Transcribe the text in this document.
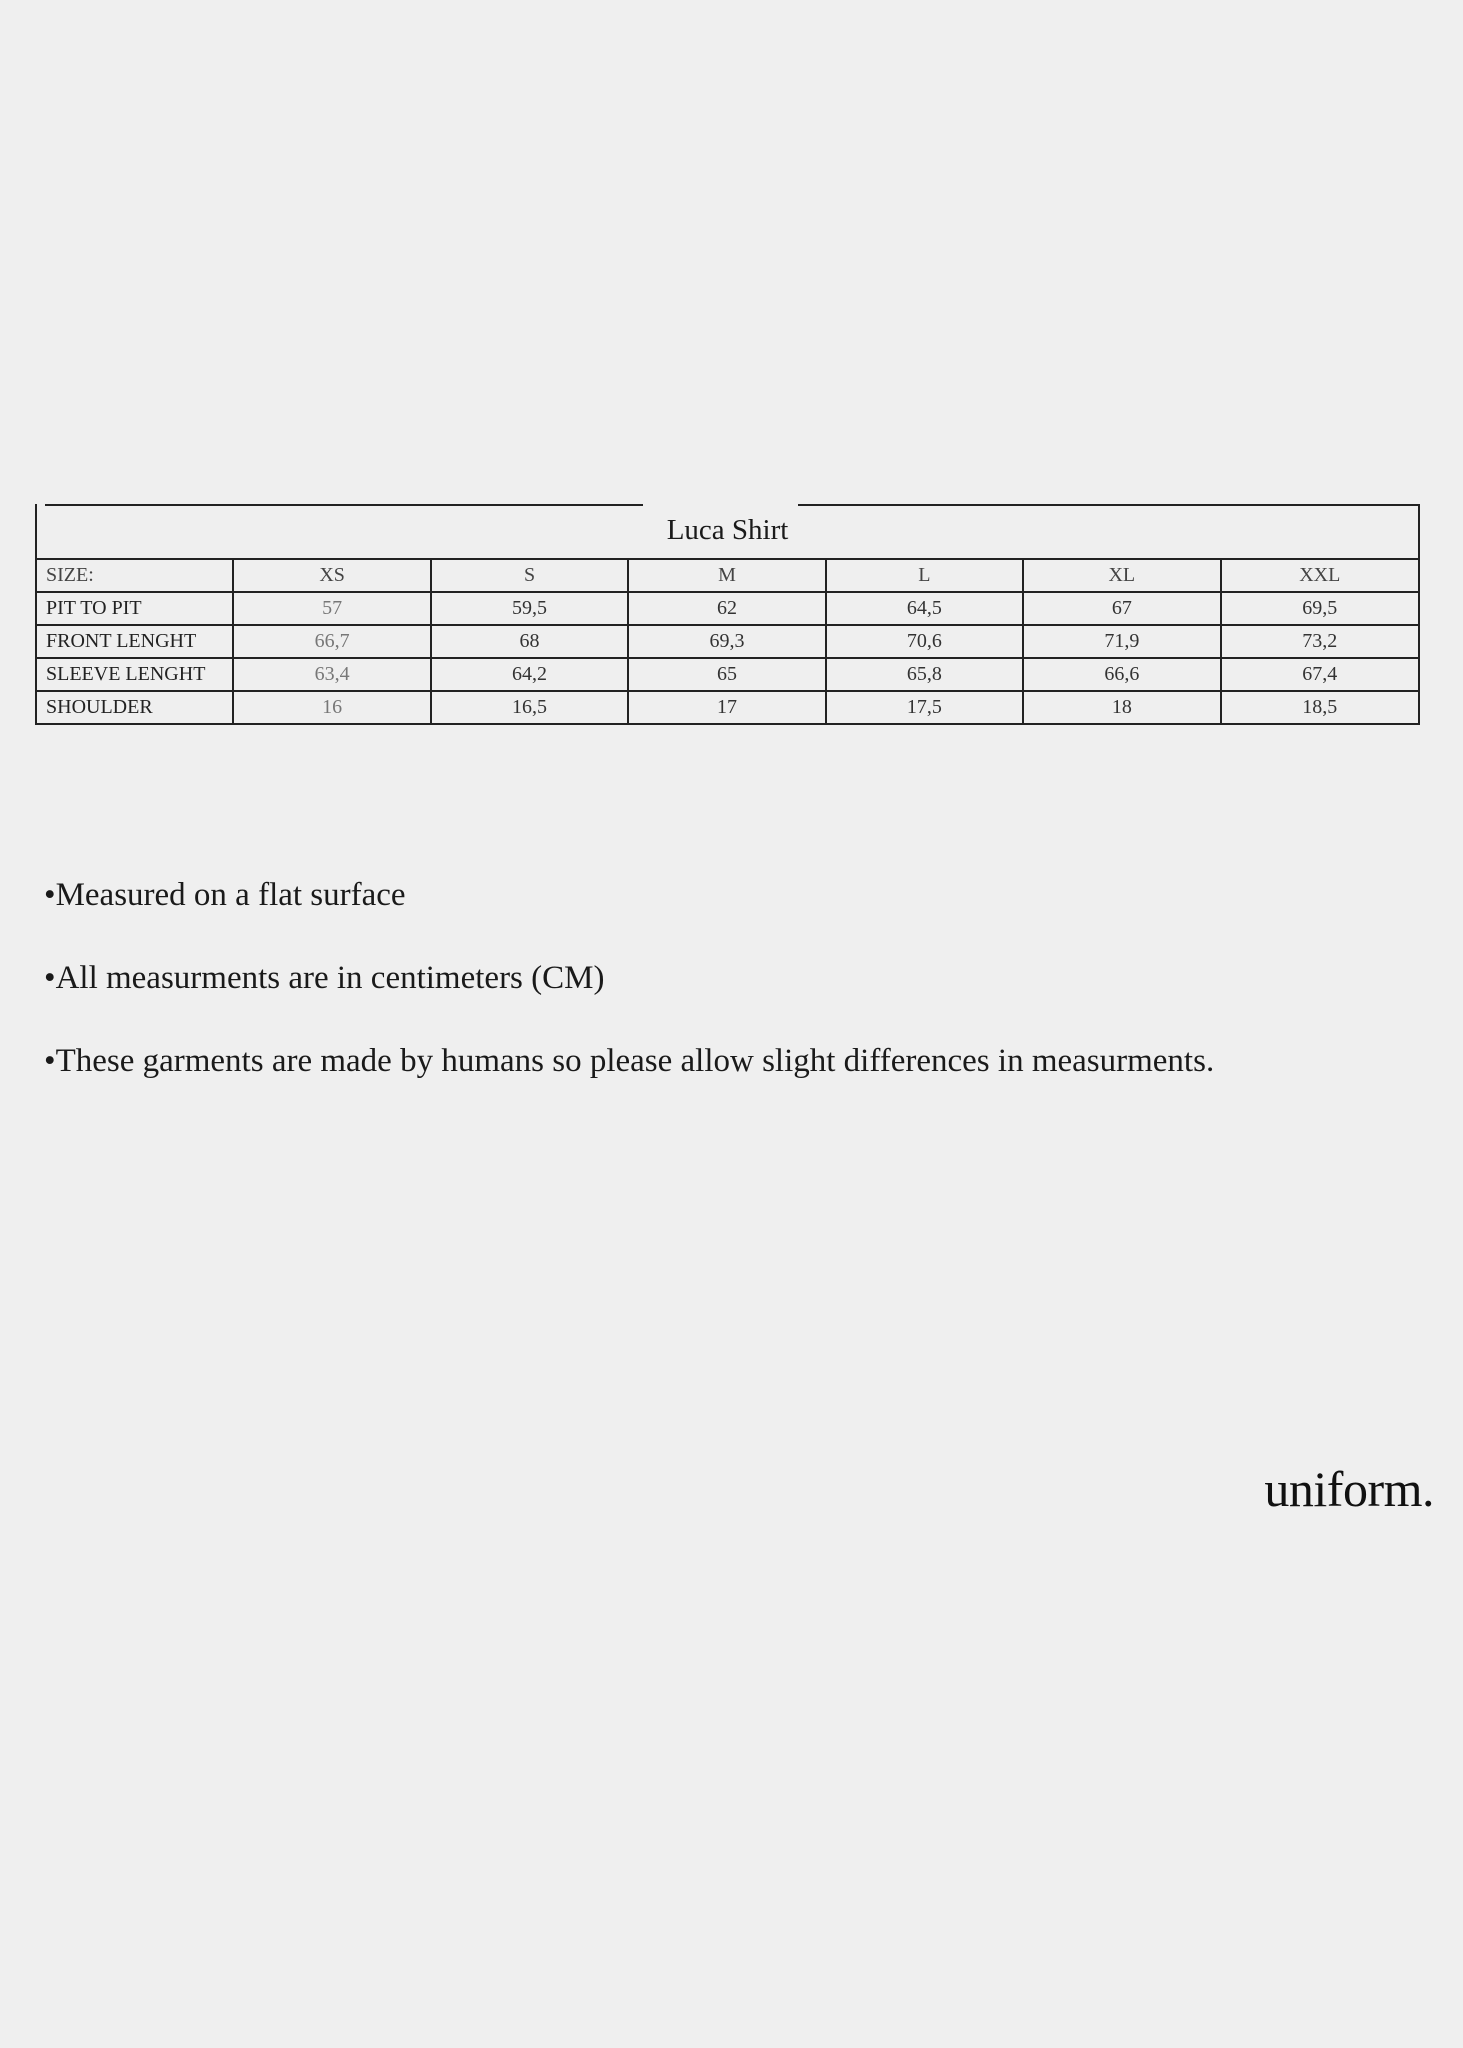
Luca Shirt
SIZE:	XS	S	M	L	XL	XXL
PIT TO PIT	57	59,5	62	64,5	67	69,5
FRONT LENGHT	66,7	68	69,3	70,6	71,9	73,2
SLEEVE LENGHT	63,4	64,2	65	65,8	66,6	67,4
SHOULDER	16	16,5	17	17,5	18	18,5
• Measured on a flat surface
• All measurments are in centimeters (CM)
• These garments are made by humans so please allow slight differences in measurments.
uniform.
